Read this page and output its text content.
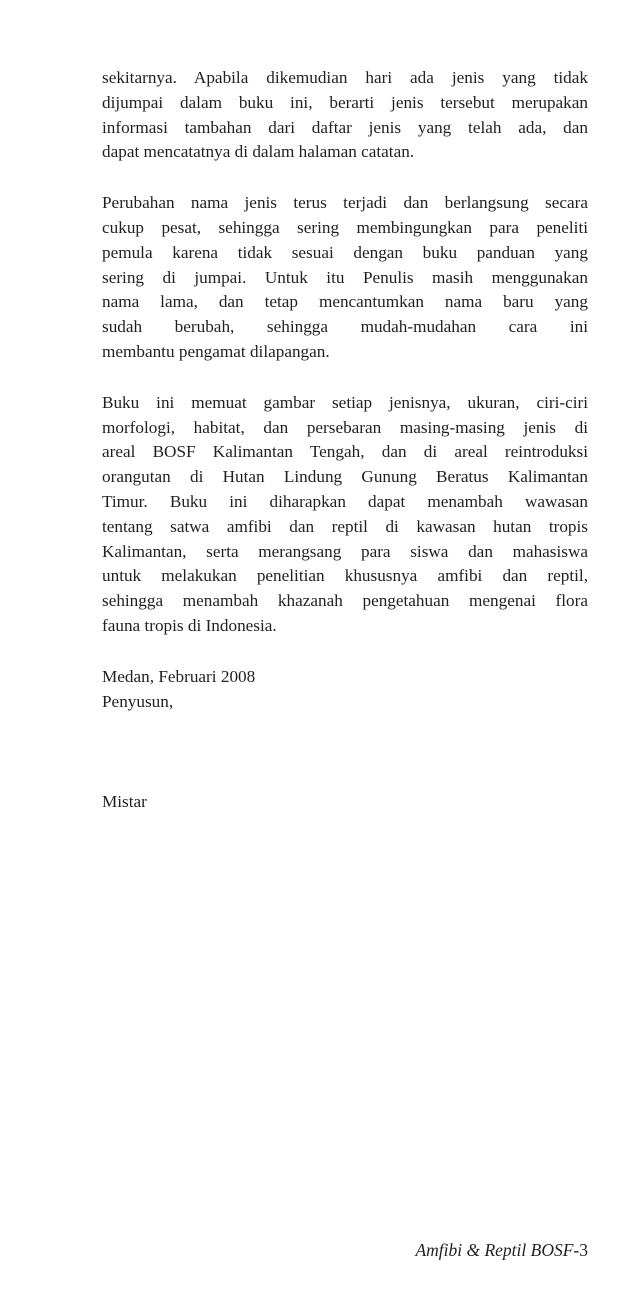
sekitarnya. Apabila dikemudian hari ada jenis yang tidak
dijumpai dalam buku ini, berarti jenis tersebut merupakan
informasi tambahan dari daftar jenis yang telah ada, dan
dapat mencatatnya di dalam halaman catatan.

Perubahan nama jenis terus terjadi dan berlangsung secara
cukup pesat, sehingga sering membingungkan para peneliti
pemula karena tidak sesuai dengan buku panduan yang
sering di jumpai. Untuk itu Penulis masih menggunakan
nama lama, dan tetap mencantumkan nama baru yang
sudah berubah, sehingga mudah-mudahan cara ini
membantu pengamat dilapangan.

Buku ini memuat gambar setiap jenisnya, ukuran, ciri-ciri
morfologi, habitat, dan persebaran masing-masing jenis di
areal BOSF Kalimantan Tengah, dan di areal reintroduksi
orangutan di Hutan Lindung Gunung Beratus Kalimantan
Timur. Buku ini diharapkan dapat menambah wawasan
tentang satwa amfibi dan reptil di kawasan hutan tropis
Kalimantan, serta merangsang para siswa dan mahasiswa
untuk melakukan penelitian khususnya amfibi dan reptil,
sehingga menambah khazanah pengetahuan mengenai flora
fauna tropis di Indonesia.

Medan, Februari 2008
Penyusun,

Mistar

Amfibi & Reptil BOSF-3
